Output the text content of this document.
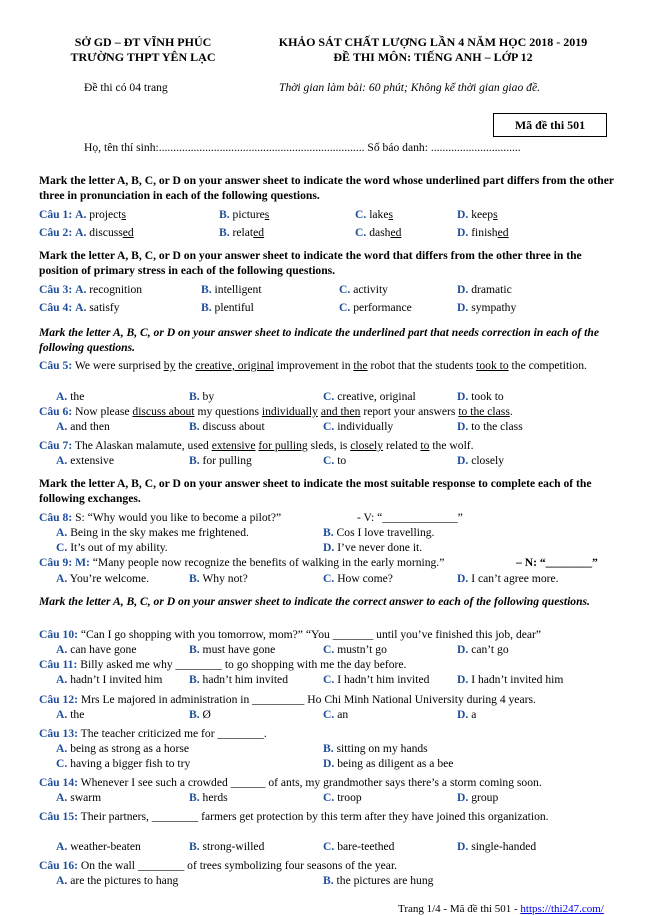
SỞ GD – ĐT VĨNH PHÚC
TRƯỜNG THPT YÊN LẠC
KHẢO SÁT CHẤT LƯỢNG LẦN 4 NĂM HỌC 2018 - 2019
ĐỀ THI MÔN: TIẾNG ANH – LỚP 12
Đề thi có 04 trang	Thời gian làm bài: 60 phút; Không kể thời gian giao đề.
Mã đề thi 501
Họ, tên thí sinh:....................................................................... Số báo danh: ...............................
Mark the letter A, B, C, or D on your answer sheet to indicate the word whose underlined part differs from the other three in pronunciation in each of the following questions.
Câu 1: A. projects	B. pictures	C. lakes	D. keeps
Câu 2: A. discussed	B. related	C. dashed	D. finished
Mark the letter A, B, C, or D on your answer sheet to indicate the word that differs from the other three in the position of primary stress in each of the following questions.
Câu 3: A. recognition	B. intelligent	C. activity	D. dramatic
Câu 4: A. satisfy	B. plentiful	C. performance	D. sympathy
Mark the letter A, B, C, or D on your answer sheet to indicate the underlined part that needs correction in each of the following questions.
Câu 5: We were surprised by the creative, original improvement in the robot that the students took to the competition.
A. the	B. by	C. creative, original	D. took to
Câu 6: Now please discuss about my questions individually and then report your answers to the class.
A. and then	B. discuss about	C. individually	D. to the class
Câu 7: The Alaskan malamute, used extensive for pulling sleds, is closely related to the wolf.
A. extensive	B. for pulling	C. to	D. closely
Mark the letter A, B, C, or D on your answer sheet to indicate the most suitable response to complete each of the following exchanges.
Câu 8: S: “Why would you like to become a pilot?”	- V: “_____________”
A. Being in the sky makes me frightened.	B. Cos I love travelling.
C. It’s out of my ability.	D. I’ve never done it.
Câu 9: M: “Many people now recognize the benefits of walking in the early morning.”	– N: “________”
A. You’re welcome.	B. Why not?	C. How come?	D. I can’t agree more.
Mark the letter A, B, C, or D on your answer sheet to indicate the correct answer to each of the following questions.
Câu 10: “Can I go shopping with you tomorrow, mom?” “You _______ until you’ve finished this job, dear”
A. can have gone	B. must have gone	C. mustn’t go	D. can’t go
Câu 11: Billy asked me why ________ to go shopping with me the day before.
A. hadn’t I invited him B. hadn’t him invited	C. I hadn’t him invited D. I hadn’t invited him
Câu 12: Mrs Le majored in administration in _________ Ho Chi Minh National University during 4 years.
A. the	B. Ø	C. an	D. a
Câu 13: The teacher criticized me for ________.
A. being as strong as a horse	B. sitting on my hands
C. having a bigger fish to try	D. being as diligent as a bee
Câu 14: Whenever I see such a crowded ______ of ants, my grandmother says there’s a storm coming soon.
A. swarm	B. herds	C. troop	D. group
Câu 15: Their partners, ________ farmers get protection by this term after they have joined this organization.
A. weather-beaten	B. strong-willed	C. bare-teethed	D. single-handed
Câu 16: On the wall ________ of trees symbolizing four seasons of the year.
A. are the pictures to hang	B. the pictures are hung
Trang 1/4 - Mã đề thi 501 - https://thi247.com/
